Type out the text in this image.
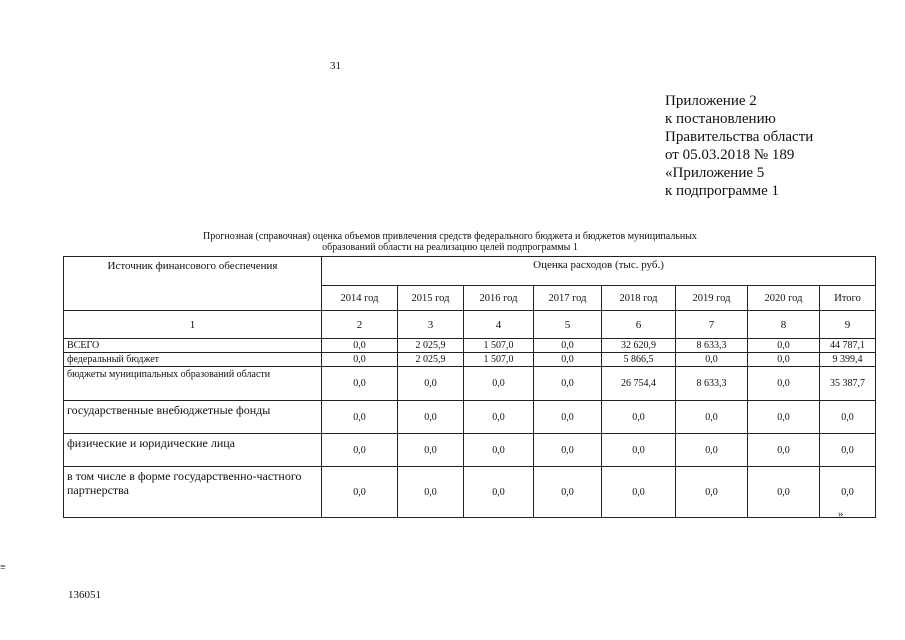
31
Приложение 2
к постановлению
Правительства области
от 05.03.2018 № 189
«Приложение 5
к подпрограмме 1
Прогнозная (справочная) оценка объемов привлечения средств федерального бюджета и бюджетов муниципальных
образований области на реализацию целей подпрограммы 1
Источник финансового обеспечения	Оценка расходов (тыс. руб.)							
	2014 год	2015 год	2016 год	2017 год	2018 год	2019 год	2020 год	Итого
1	2	3	4	5	6	7	8	9
ВСЕГО	0,0	2 025,9	1 507,0	0,0	32 620,9	8 633,3	0,0	44 787,1
федеральный бюджет	0,0	2 025,9	1 507,0	0,0	5 866,5	0,0	0,0	9 399,4
бюджеты муниципальных образований области	0,0	0,0	0,0	0,0	26 754,4	8 633,3	0,0	35 387,7
государственные внебюджетные фонды	0,0	0,0	0,0	0,0	0,0	0,0	0,0	0,0
физические и юридические лица	0,0	0,0	0,0	0,0	0,0	0,0	0,0	0,0
в том числе в форме государственно-частного партнерства	0,0	0,0	0,0	0,0	0,0	0,0	0,0	0,0
»
136051
≡
